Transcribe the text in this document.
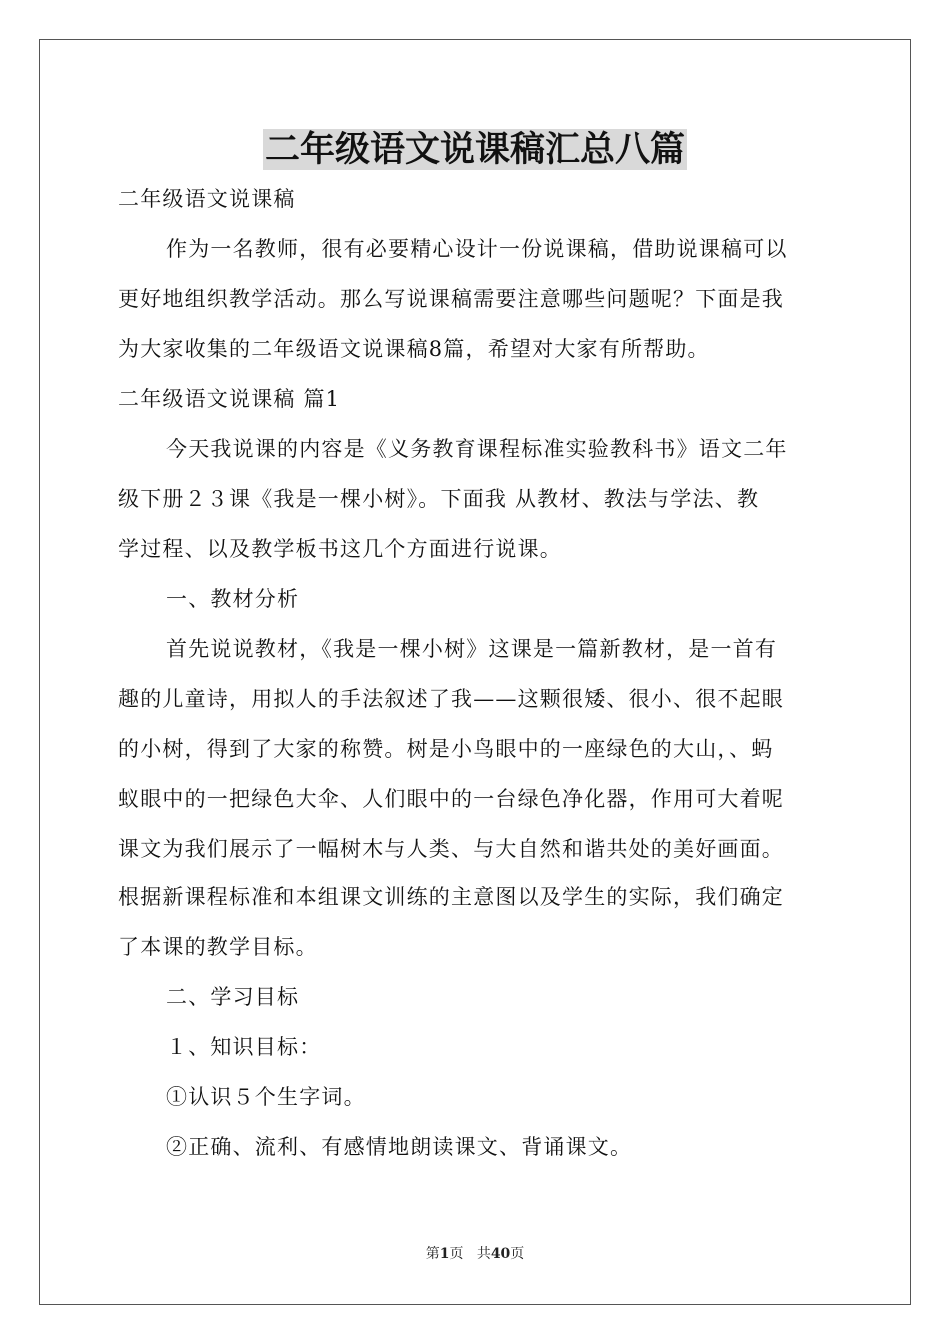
二年级语文说课稿汇总八篇

二年级语文说课稿

作为一名教师，很有必要精心设计一份说课稿，借助说课稿可以

更好地组织教学活动。那么写说课稿需要注意哪些问题呢？下面是我

为大家收集的二年级语文说课稿8篇，希望对大家有所帮助。

二年级语文说课稿 篇1

今天我说课的内容是《义务教育课程标准实验教科书》语文二年

级下册２３课《我是一棵小树》。下面我 从教材、教法与学法、教

学过程、以及教学板书这几个方面进行说课。

一、教材分析

首先说说教材，《我是一棵小树》这课是一篇新教材，是一首有

趣的儿童诗，用拟人的手法叙述了我——这颗很矮、很小、很不起眼

的小树，得到了大家的称赞。树是小鸟眼中的一座绿色的大山，、蚂

蚁眼中的一把绿色大伞、人们眼中的一台绿色净化器，作用可大着呢

课文为我们展示了一幅树木与人类、与大自然和谐共处的美好画面。

根据新课程标准和本组课文训练的主意图以及学生的实际，我们确定

了本课的教学目标。

二、学习目标

１、知识目标：

①认识５个生字词。

②正确、流利、有感情地朗读课文、背诵课文。

第1页 共40页
